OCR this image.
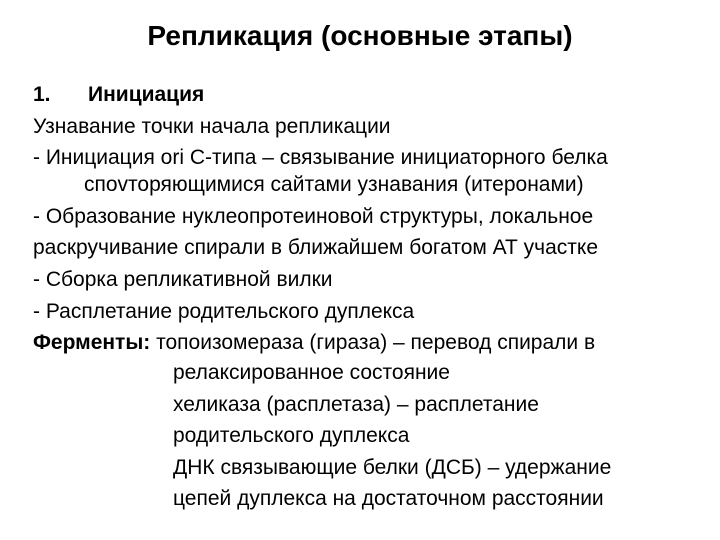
Репликация (основные этапы)
1. Инициация
Узнавание точки начала репликации
- Инициация ori C-типа – связывание инициаторного белка
спovторяющимися сайтами узнавания (итеронами)
- Образование нуклеопротеиновой структуры, локальное
раскручивание спирали в ближайшем богатом АТ участке
- Сборка репликативной вилки
- Расплетание родительского дуплекса
Ферменты: топоизомераза (гираза) – перевод спирали в
релаксированное состояние
хеликаза (расплетаза) – расплетание
родительского дуплекса
ДНК связывающие белки (ДСБ) – удержание
цепей дуплекса на достаточном расстоянии
